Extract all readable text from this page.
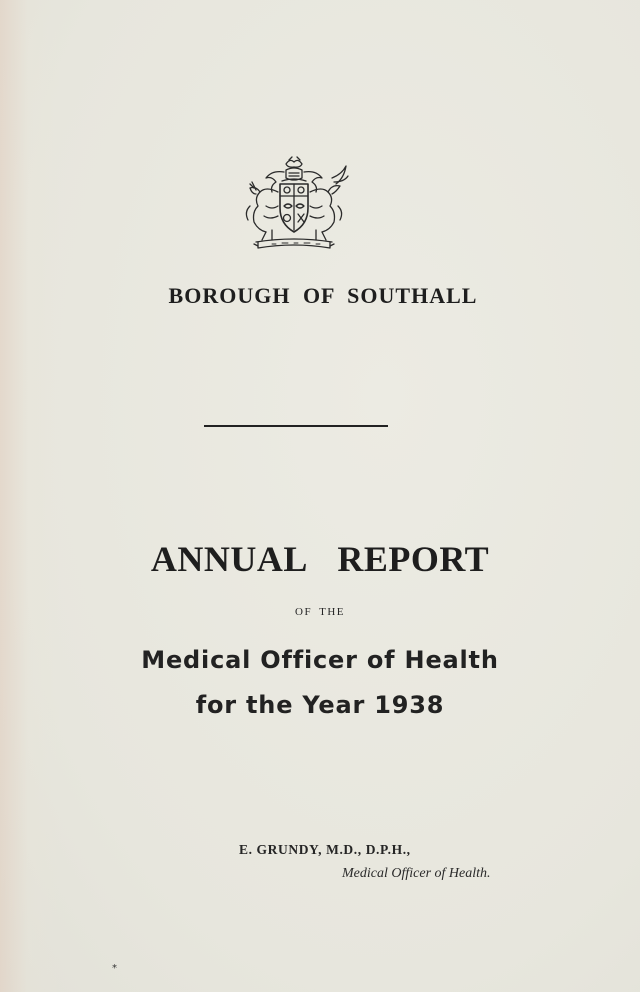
BOROUGH OF SOUTHALL
ANNUAL REPORT

OF THE

Medical Officer of Health

for the Year 1938

E. GRUNDY, M.D., D.P.H.,

Medical Officer of Health.

*
